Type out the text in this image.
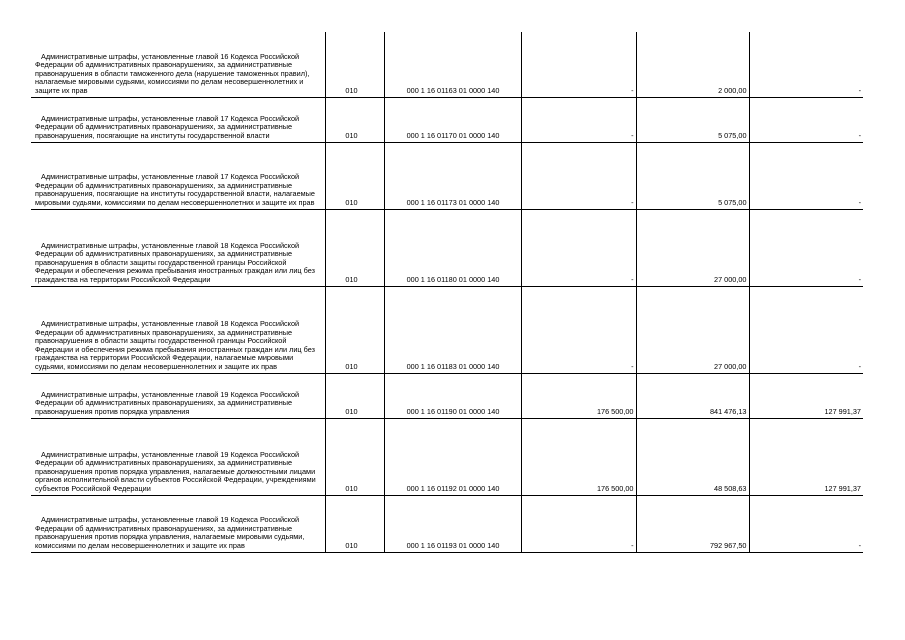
Административные штрафы, установленные главой 16 Кодекса Российской Федерации об административных правонарушениях, за административные правонарушения в области таможенного дела (нарушение таможенных правил), налагаемые мировыми судьями, комиссиями по делам несовершеннолетних и защите их прав	010	000 1 16 01163 01 0000 140	-	2 000,00	-

Административные штрафы, установленные главой 17 Кодекса Российской Федерации об административных правонарушениях, за административные правонарушения, посягающие на институты государственной власти	010	000 1 16 01170 01 0000 140	-	5 075,00	-

Административные штрафы, установленные главой 17 Кодекса Российской Федерации об административных правонарушениях, за административные правонарушения, посягающие на институты государственной власти, налагаемые мировыми судьями, комиссиями по делам несовершеннолетних и защите их прав	010	000 1 16 01173 01 0000 140	-	5 075,00	-

Административные штрафы, установленные главой 18 Кодекса Российской Федерации об административных правонарушениях, за административные правонарушения в области защиты государственной границы Российской Федерации и обеспечения режима пребывания иностранных граждан или лиц без гражданства на территории Российской Федерации	010	000 1 16 01180 01 0000 140	-	27 000,00	-

Административные штрафы, установленные главой 18 Кодекса Российской Федерации об административных правонарушениях, за административные правонарушения в области защиты государственной границы Российской Федерации и обеспечения режима пребывания иностранных граждан или лиц без гражданства на территории Российской Федерации, налагаемые мировыми судьями, комиссиями по делам несовершеннолетних и защите их прав	010	000 1 16 01183 01 0000 140	-	27 000,00	-

Административные штрафы, установленные главой 19 Кодекса Российской Федерации об административных правонарушениях, за административные правонарушения против порядка управления	010	000 1 16 01190 01 0000 140	176 500,00	841 476,13	127 991,37

Административные штрафы, установленные главой 19 Кодекса Российской Федерации об административных правонарушениях, за административные правонарушения против порядка управления, налагаемые должностными лицами органов исполнительной власти субъектов Российской Федерации, учреждениями субъектов Российской Федерации	010	000 1 16 01192 01 0000 140	176 500,00	48 508,63	127 991,37

Административные штрафы, установленные главой 19 Кодекса Российской Федерации об административных правонарушениях, за административные правонарушения против порядка управления, налагаемые мировыми судьями, комиссиями по делам несовершеннолетних и защите их прав	010	000 1 16 01193 01 0000 140	-	792 967,50	-
